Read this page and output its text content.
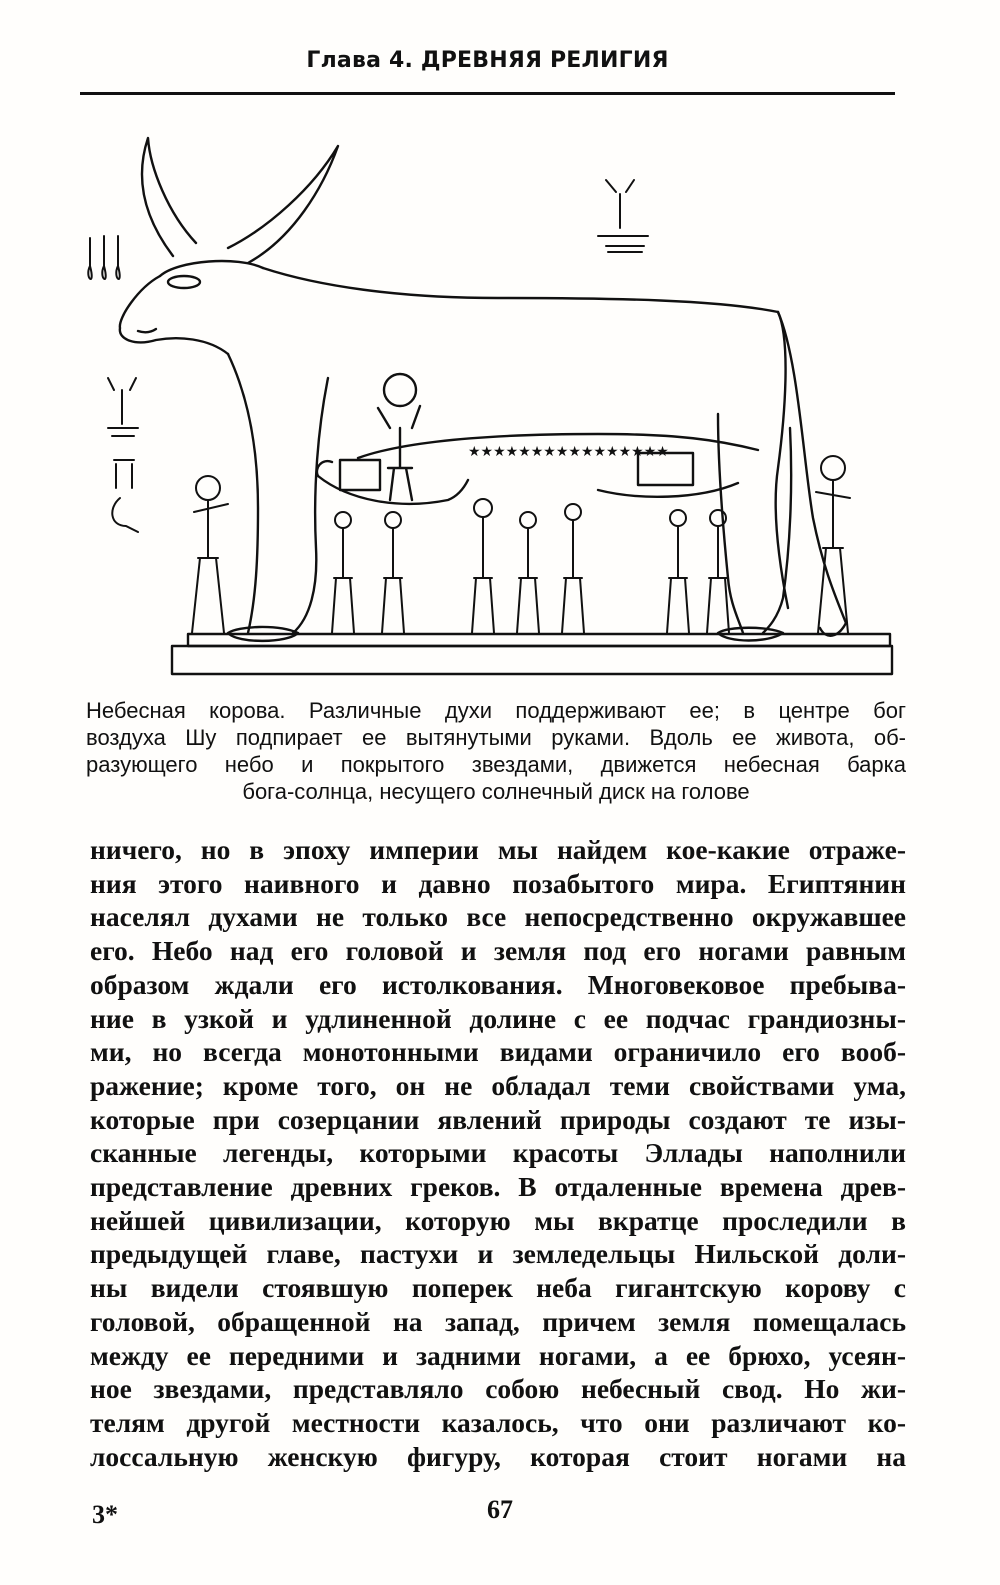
Глава 4. ДРЕВНЯЯ РЕЛИГИЯ
★★★★★★★★★★★★★★★★
Небесная корова. Различные духи поддерживают ее; в центре бог
воздуха Шу подпирает ее вытянутыми руками. Вдоль ее живота, об-
разующего небо и покрытого звездами, движется небесная барка
бога-солнца, несущего солнечный диск на голове
ничего, но в эпоху империи мы найдем кое-какие отраже-
ния этого наивного и давно позабытого мира. Египтянин
населял духами не только все непосредственно окружавшее
его. Небо над его головой и земля под его ногами равным
образом ждали его истолкования. Многовековое пребыва-
ние в узкой и удлиненной долине с ее подчас грандиозны-
ми, но всегда монотонными видами ограничило его вооб-
ражение; кроме того, он не обладал теми свойствами ума,
которые при созерцании явлений природы создают те изы-
сканные легенды, которыми красоты Эллады наполнили
представление древних греков. В отдаленные времена древ-
нейшей цивилизации, которую мы вкратце проследили в
предыдущей главе, пастухи и земледельцы Нильской доли-
ны видели стоявшую поперек неба гигантскую корову с
головой, обращенной на запад, причем земля помещалась
между ее передними и задними ногами, а ее брюхо, усеян-
ное звездами, представляло собою небесный свод. Но жи-
телям другой местности казалось, что они различают ко-
лоссальную женскую фигуру, которая стоит ногами на
3*	67
